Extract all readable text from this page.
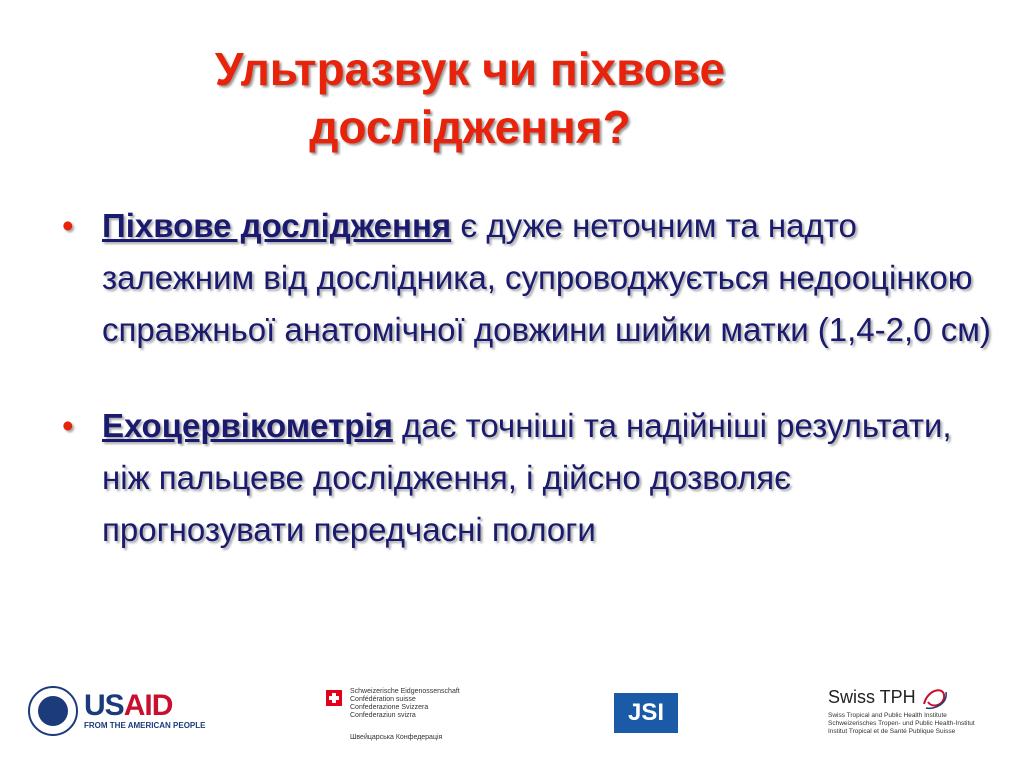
Ультразвук чи піхвове
дослідження?
• Піхвове дослідження є дуже неточним та надто залежним від дослідника, супроводжується недооцінкою справжньої анатомічної довжини шийки матки (1,4-2,0 см)
• Ехоцервікометрія дає точніші та надійніші результати, ніж пальцеве дослідження, і дійсно дозволяє прогнозувати передчасні пологи
USAID
FROM THE AMERICAN PEOPLE
Schweizerische Eidgenossenschaft
Confédération suisse
Confederazione Svizzera
Confederaziun svizra
Швейцарська Конфедерація
JSI
Swiss TPH
Swiss Tropical and Public Health Institute
Schweizerisches Tropen- und Public Health-Institut
Institut Tropical et de Santé Publique Suisse
